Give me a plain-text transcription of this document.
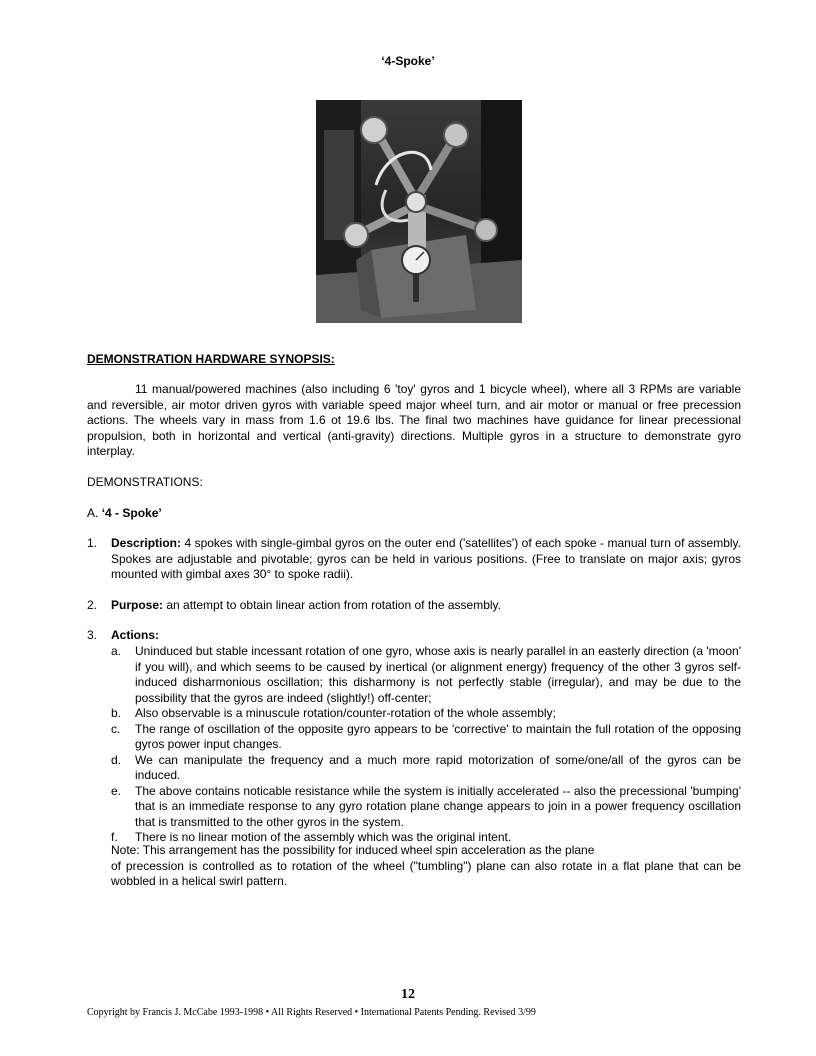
‘4-Spoke’
DEMONSTRATION HARDWARE SYNOPSIS:

11 manual/powered machines (also including 6 'toy' gyros and 1 bicycle wheel), where all 3 RPMs are variable and reversible, air motor driven gyros with variable speed major wheel turn, and air motor or manual or free precession actions. The wheels vary in mass from 1.6 ot 19.6 lbs. The final two machines have guidance for linear precessional propulsion, both in horizontal and vertical (anti-gravity) directions. Multiple gyros in a structure to demonstrate gyro interplay.

DEMONSTRATIONS:
A. ‘4 - Spoke’
1. Description: 4 spokes with single-gimbal gyros on the outer end ('satellites') of each spoke - manual turn of assembly. Spokes are adjustable and pivotable; gyros can be held in various positions. (Free to translate on major axis; gyros mounted with gimbal axes 30° to spoke radii).
2. Purpose: an attempt to obtain linear action from rotation of the assembly.
3. Actions:
a. Uninduced but stable incessant rotation of one gyro, whose axis is nearly parallel in an easterly direction (a 'moon' if you will), and which seems to be caused by inertical (or alignment energy) frequency of the other 3 gyros self-induced disharmonious oscillation; this disharmony is not perfectly stable (irregular), and may be due to the possibility that the gyros are indeed (slightly!) off-center;
b. Also observable is a minuscule rotation/counter-rotation of the whole assembly;
c. The range of oscillation of the opposite gyro appears to be 'corrective' to maintain the full rotation of the opposing gyros power input changes.
d. We can manipulate the frequency and a much more rapid motorization of some/one/all of the gyros can be induced.
e. The above contains noticable resistance while the system is initially accelerated -- also the precessional 'bumping' that is an immediate response to any gyro rotation plane change appears to join in a power frequency oscillation that is transmitted to the other gyros in the system.
f. There is no linear motion of the assembly which was the original intent.
Note: This arrangement has the possibility for induced wheel spin acceleration as the plane
of precession is controlled as to rotation of the wheel ("tumbling") plane can also rotate in a flat plane that can be wobbled in a helical swirl pattern.
12
Copyright by Francis J. McCabe 1993-1998 • All Rights Reserved • International Patents Pending. Revised 3/99
